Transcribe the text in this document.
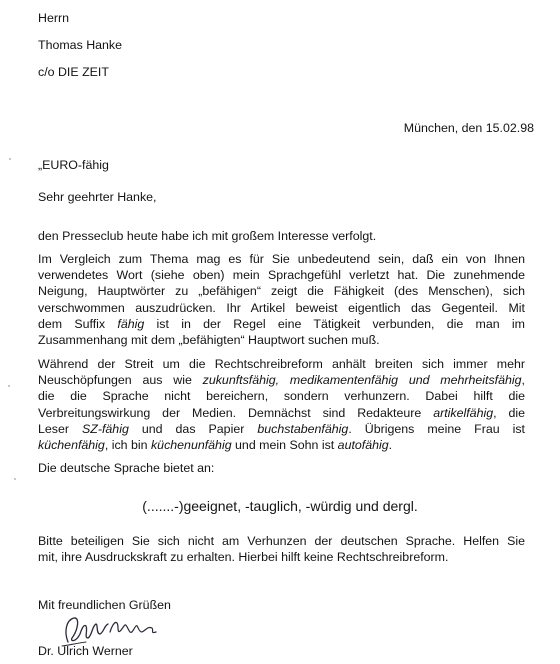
Herrn
Thomas Hanke
c/o DIE ZEIT
München, den 15.02.98
„EURO-fähig
Sehr geehrter Hanke,
den Presseclub heute habe ich mit großem Interesse verfolgt.
Im Vergleich zum Thema mag es für Sie unbedeutend sein, daß ein von Ihnen
verwendetes Wort (siehe oben) mein Sprachgefühl verletzt hat. Die zunehmende
Neigung, Hauptwörter zu „befähigen“ zeigt die Fähigkeit (des Menschen), sich
verschwommen auszudrücken. Ihr Artikel beweist eigentlich das Gegenteil. Mit
dem Suffix fähig ist in der Regel eine Tätigkeit verbunden, die man im
Zusammenhang mit dem „befähigten“ Hauptwort suchen muß.
Während der Streit um die Rechtschreibreform anhält breiten sich immer mehr
Neuschöpfungen aus wie zukunftsfähig, medikamentenfähig und mehrheitsfähig,
die die Sprache nicht bereichern, sondern verhunzern. Dabei hilft die
Verbreitungswirkung der Medien. Demnächst sind Redakteure artikelfähig, die
Leser SZ-fähig und das Papier buchstabenfähig. Übrigens meine Frau ist
küchenfähig, ich bin küchenunfähig und mein Sohn ist autofähig.
Die deutsche Sprache bietet an:
(.......-)geeignet, -tauglich, -würdig und dergl.
Bitte beteiligen Sie sich nicht am Verhunzen der deutschen Sprache. Helfen Sie
mit, ihre Ausdruckskraft zu erhalten. Hierbei hilft keine Rechtschreibreform.
Mit freundlichen Grüßen
Dr. Ulrich Werner
